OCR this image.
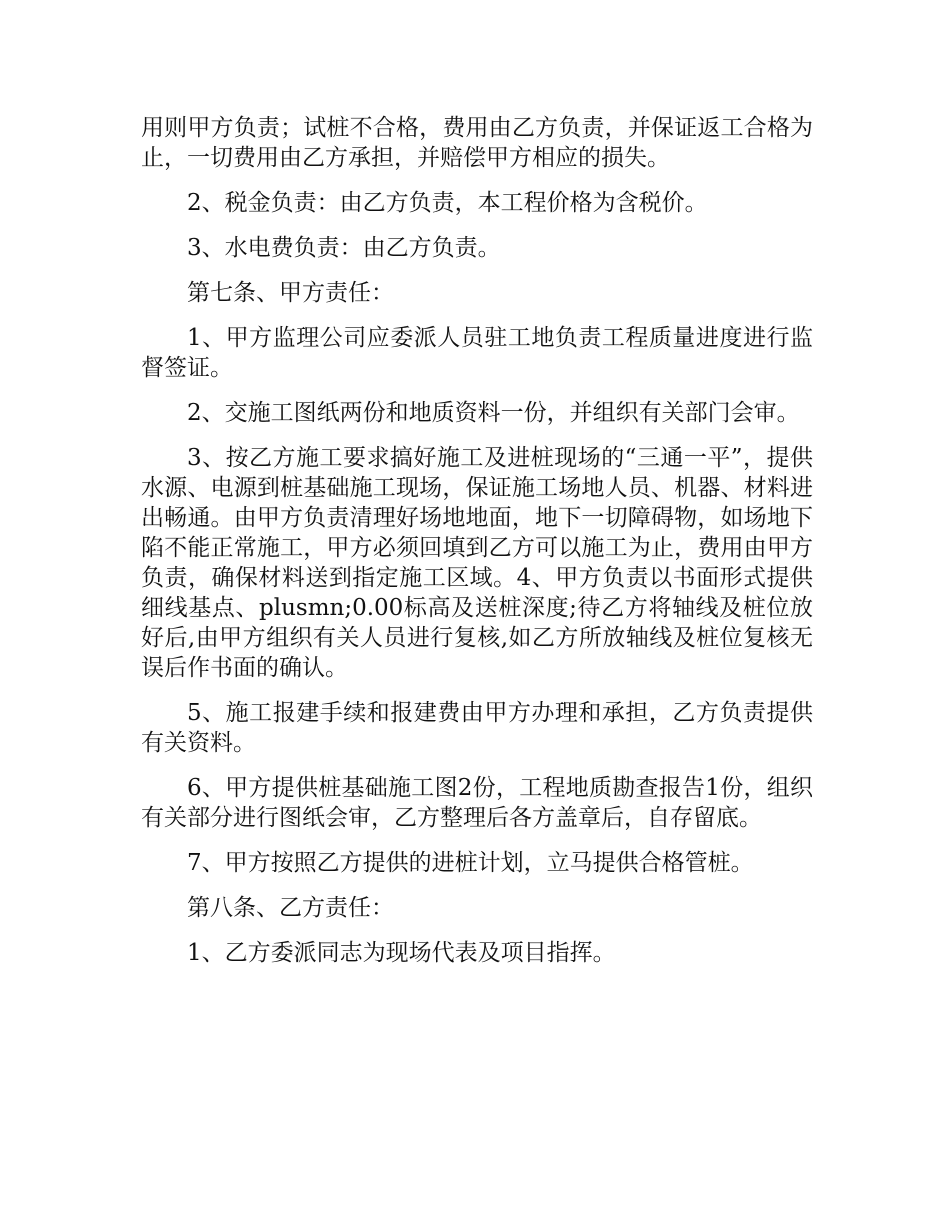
用则甲方负责；试桩不合格，费用由乙方负责，并保证返工合格为止，一切费用由乙方承担，并赔偿甲方相应的损失。

2、税金负责：由乙方负责，本工程价格为含税价。

3、水电费负责：由乙方负责。

第七条、甲方责任：

1、甲方监理公司应委派人员驻工地负责工程质量进度进行监督签证。

2、交施工图纸两份和地质资料一份，并组织有关部门会审。

3、按乙方施工要求搞好施工及进桩现场的“三通一平”，提供水源、电源到桩基础施工现场，保证施工场地人员、机器、材料进出畅通。由甲方负责清理好场地地面，地下一切障碍物，如场地下陷不能正常施工，甲方必须回填到乙方可以施工为止，费用由甲方负责，确保材料送到指定施工区域。4、甲方负责以书面形式提供细线基点、plusmn;0.00标高及送桩深度;待乙方将轴线及桩位放好后,由甲方组织有关人员进行复核,如乙方所放轴线及桩位复核无误后作书面的确认。

5、施工报建手续和报建费由甲方办理和承担，乙方负责提供有关资料。

6、甲方提供桩基础施工图2份，工程地质勘查报告1份，组织有关部分进行图纸会审，乙方整理后各方盖章后，自存留底。

7、甲方按照乙方提供的进桩计划，立马提供合格管桩。

第八条、乙方责任：

1、乙方委派同志为现场代表及项目指挥。
